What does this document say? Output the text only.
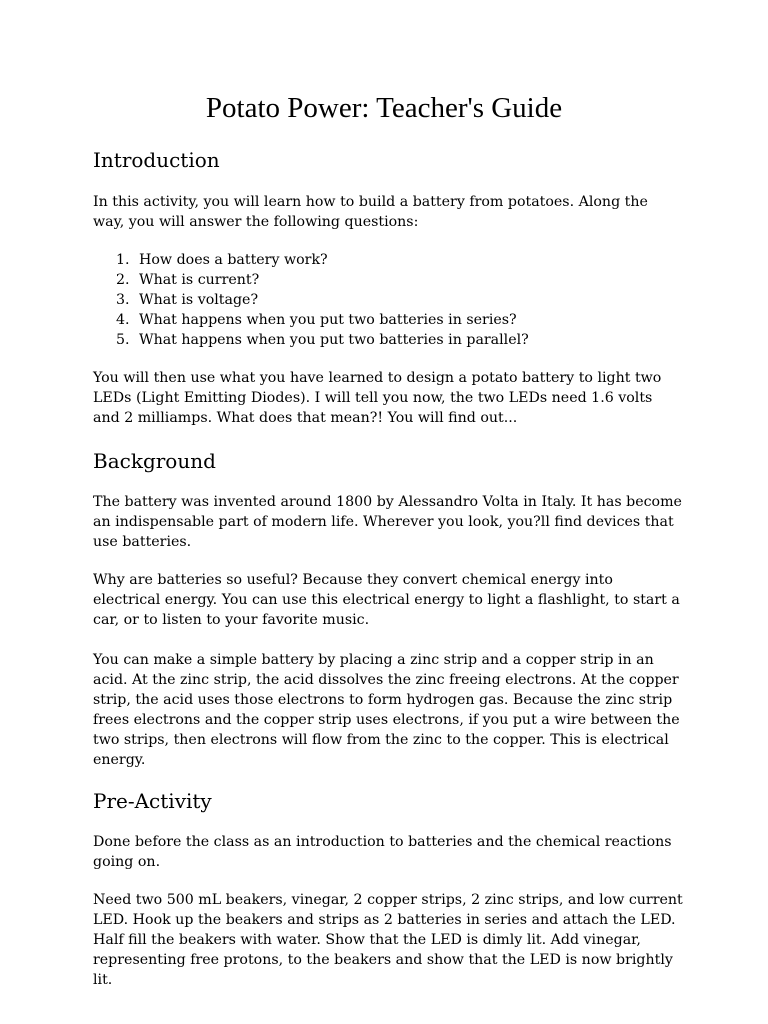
Potato Power: Teacher's Guide
Introduction

In this activity, you will learn how to build a battery from potatoes. Along the way, you will answer the following questions:

1. How does a battery work?
2. What is current?
3. What is voltage?
4. What happens when you put two batteries in series?
5. What happens when you put two batteries in parallel?

You will then use what you have learned to design a potato battery to light two LEDs (Light Emitting Diodes). I will tell you now, the two LEDs need 1.6 volts and 2 milliamps. What does that mean?! You will find out...

Background

The battery was invented around 1800 by Alessandro Volta in Italy. It has become an indispensable part of modern life. Wherever you look, you?ll find devices that use batteries.

Why are batteries so useful? Because they convert chemical energy into electrical energy. You can use this electrical energy to light a flashlight, to start a car, or to listen to your favorite music.

You can make a simple battery by placing a zinc strip and a copper strip in an acid. At the zinc strip, the acid dissolves the zinc freeing electrons. At the copper strip, the acid uses those electrons to form hydrogen gas. Because the zinc strip frees electrons and the copper strip uses electrons, if you put a wire between the two strips, then electrons will flow from the zinc to the copper. This is electrical energy.

Pre-Activity

Done before the class as an introduction to batteries and the chemical reactions going on.

Need two 500 mL beakers, vinegar, 2 copper strips, 2 zinc strips, and low current LED. Hook up the beakers and strips as 2 batteries in series and attach the LED. Half fill the beakers with water. Show that the LED is dimly lit. Add vinegar, representing free protons, to the beakers and show that the LED is now brightly lit.
